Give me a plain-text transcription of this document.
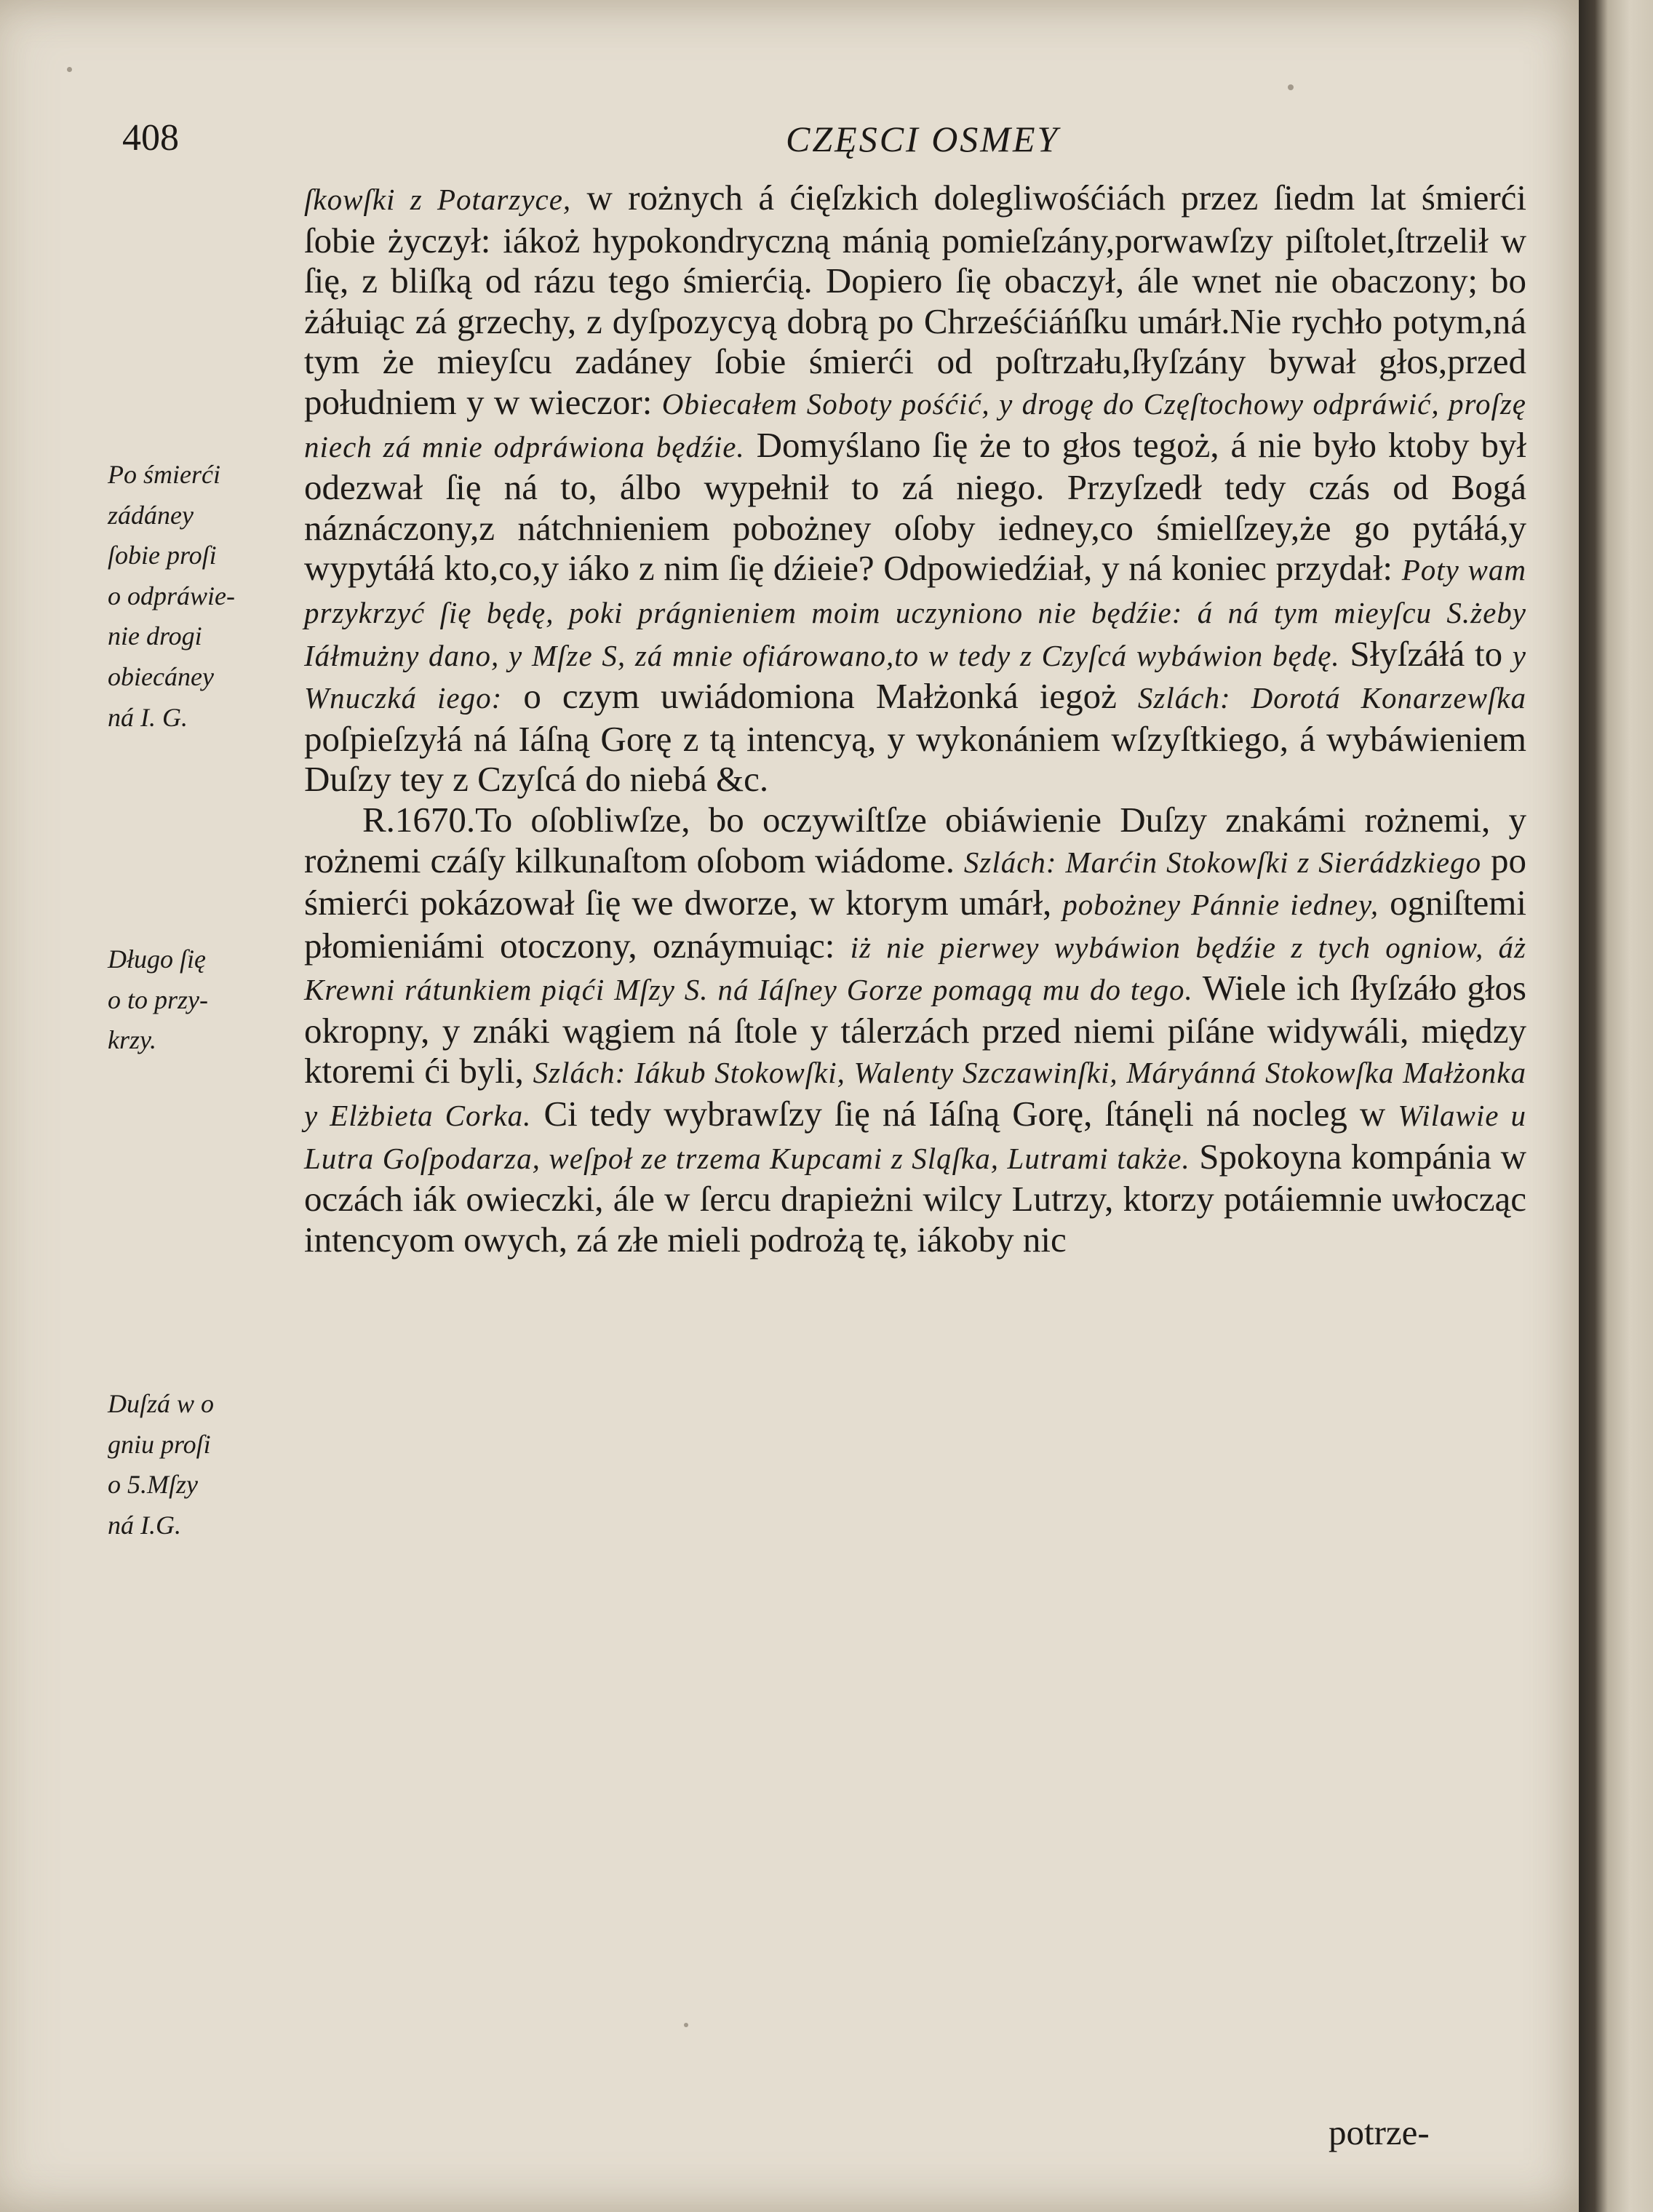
408	CZĘSCI OSMEY
Po śmierći
zádáney
ſobie proſi
o odpráwie-
nie drogi
obiecáney
ná I. G.
Długo ſię
o to przy-
krzy.
Duſzá w o
gniu proſi
o 5.Mſzy
ná I.G.

ſkowſki z Potarzyce, w rożnych á ćięſzkich dolegliwośćiách przez ſiedm lat śmierći ſobie życzył: iákoż hypokondryczną mánią pomieſzány,porwawſzy piſtolet,ſtrzelił w ſię, z bliſką od rázu tego śmierćią. Dopiero ſię obaczył, ále wnet nie obaczony; bo żáłuiąc zá grzechy, z dyſpozycyą dobrą po Chrześćiáńſku umárł.Nie rychło potym,ná tym że mieyſcu zadáney ſobie śmierći od poſtrzału,ſłyſzány bywał głos,przed południem y w wieczor: Obiecałem Soboty pośćić, y drogę do Częſtochowy odpráwić, proſzę niech zá mnie odpráwiona będźie. Domyślano ſię że to głos tegoż, á nie było ktoby był odezwał ſię ná to, álbo wypełnił to zá niego. Przyſzedł tedy czás od Bogá náznáczony,z nátchnieniem pobożney oſoby iedney,co śmielſzey,że go pytáłá,y wypytáłá kto,co,y iáko z nim ſię dźieie? Odpowiedźiał, y ná koniec przydał: Poty wam przykrzyć ſię będę, poki prágnieniem moim uczyniono nie będźie: á ná tym mieyſcu S.żeby Iáłmużny dano, y Mſze S, zá mnie ofiárowano,to w tedy z Czyſcá wybáwion będę. Słyſzáłá to y Wnuczká iego: o czym uwiádomiona Małżonká iegoż Szlách: Dorotá Konarzewſka poſpieſzyłá ná Iáſną Gorę z tą intencyą, y wykonániem wſzyſtkiego, á wybáwieniem Duſzy tey z Czyſcá do niebá &c.

R.1670.To oſobliwſze, bo oczywiſtſze obiáwienie Duſzy znakámi rożnemi, y rożnemi czáſy kilkunaſtom oſobom wiádome. Szlách: Marćin Stokowſki z Sierádzkiego po śmierći pokázował ſię we dworze, w ktorym umárł, pobożney Pánnie iedney, ogniſtemi płomieniámi otoczony, oznáymuiąc: iż nie pierwey wybáwion będźie z tych ogniow, áż Krewni rátunkiem piąći Mſzy S. ná Iáſney Gorze pomagą mu do tego. Wiele ich ſłyſzáło głos okropny, y znáki wągiem ná ſtole y tálerzách przed niemi piſáne widywáli, między ktoremi ći byli, Szlách: Iákub Stokowſki, Walenty Szczawinſki, Máryánná Stokowſka Małżonka y Elżbieta Corka. Ci tedy wybrawſzy ſię ná Iáſną Gorę, ſtánęli ná nocleg w Wilawie u Lutra Goſpodarza, weſpoł ze trzema Kupcami z Sląſka, Lutrami także. Spokoyna kompánia w oczách iák owieczki, ále w ſercu drapieżni wilcy Lutrzy, ktorzy potáiemnie uwłocząc intencyom owych, zá złe mieli podrożą tę, iákoby nic

potrze-
